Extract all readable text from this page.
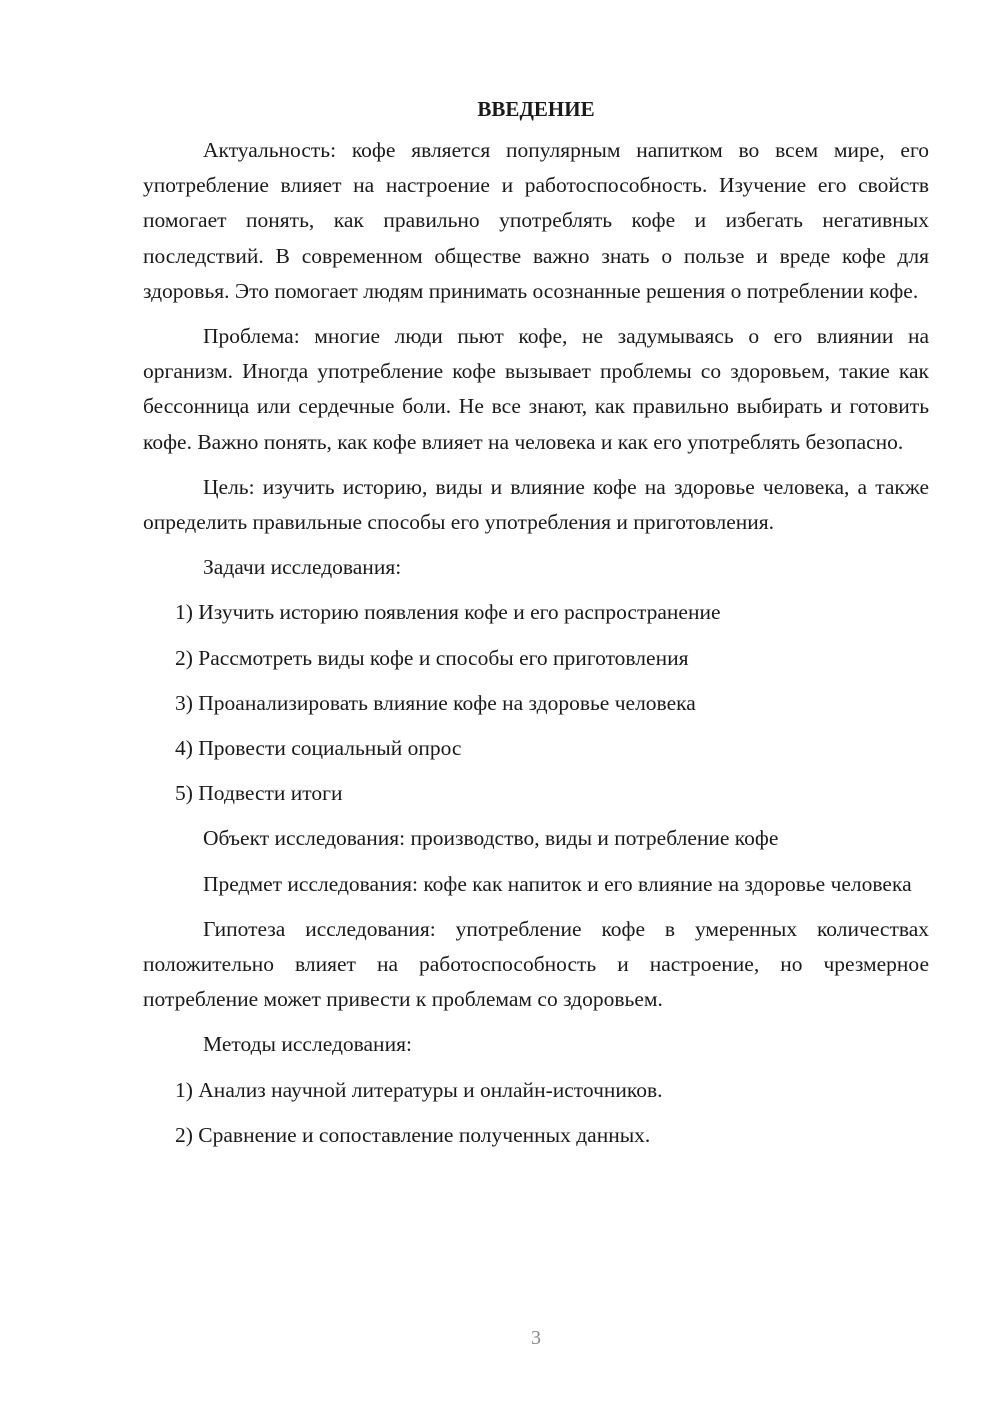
ВВЕДЕНИЕ

Актуальность: кофе является популярным напитком во всем мире, его употребление влияет на настроение и работоспособность. Изучение его свойств помогает понять, как правильно употреблять кофе и избегать негативных последствий. В современном обществе важно знать о пользе и вреде кофе для здоровья. Это помогает людям принимать осознанные решения о потреблении кофе.

Проблема: многие люди пьют кофе, не задумываясь о его влиянии на организм. Иногда употребление кофе вызывает проблемы со здоровьем, такие как бессонница или сердечные боли. Не все знают, как правильно выбирать и готовить кофе. Важно понять, как кофе влияет на человека и как его употреблять безопасно.

Цель: изучить историю, виды и влияние кофе на здоровье человека, а также определить правильные способы его употребления и приготовления.

Задачи исследования:

1) Изучить историю появления кофе и его распространение

2) Рассмотреть виды кофе и способы его приготовления

3) Проанализировать влияние кофе на здоровье человека

4) Провести социальный опрос

5) Подвести итоги

Объект исследования: производство, виды и потребление кофе

Предмет исследования: кофе как напиток и его влияние на здоровье человека

Гипотеза исследования: употребление кофе в умеренных количествах положительно влияет на работоспособность и настроение, но чрезмерное потребление может привести к проблемам со здоровьем.

Методы исследования:

1) Анализ научной литературы и онлайн-источников.

2) Сравнение и сопоставление полученных данных.

3
